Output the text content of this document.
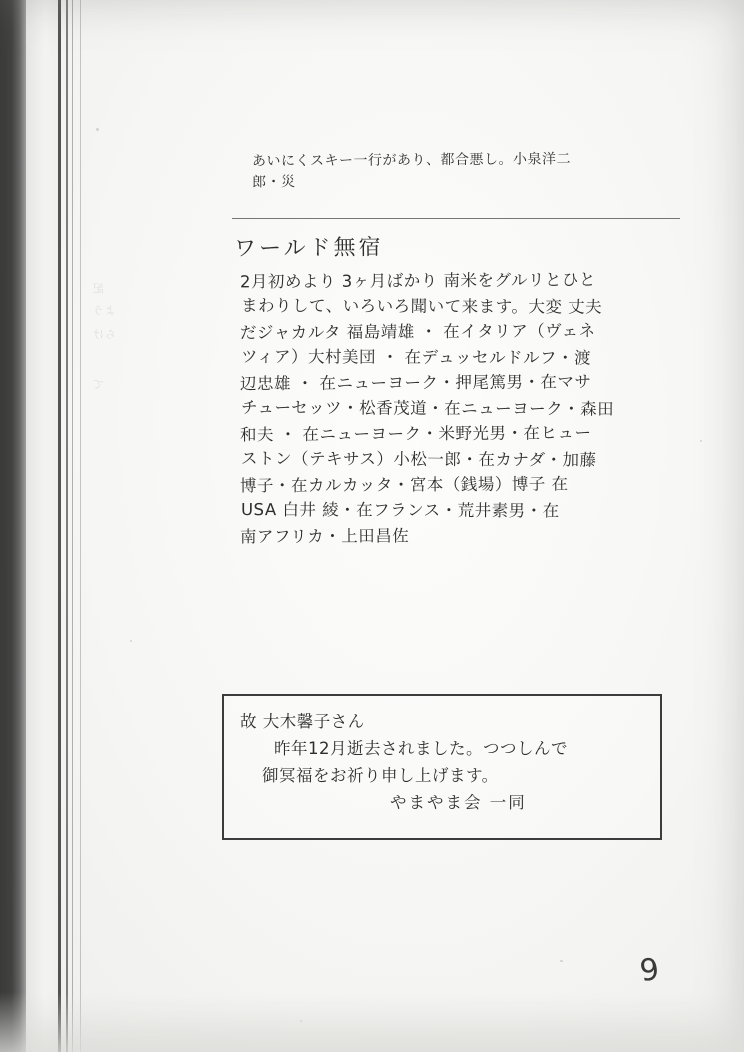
記
よう
らけ
て
あいにくスキー一行があり、都合悪し。小泉洋二
郎・災
ワールド無宿
2月初めより 3ヶ月ばかり 南米をグルリとひと
まわりして、いろいろ聞いて来ます。大変 丈夫
だジャカルタ 福島靖雄 ・ 在イタリア（ヴェネ
ツィア）大村美団 ・ 在デュッセルドルフ・渡
辺忠雄 ・ 在ニューヨーク・押尾篤男・在マサ
チューセッツ・松香茂道・在ニューヨーク・森田
和夫 ・ 在ニューヨーク・米野光男・在ヒュー
ストン（テキサス）小松一郎・在カナダ・加藤
博子・在カルカッタ・宮本（銭場）博子 在
USA 白井 綾・在フランス・荒井素男・在
南アフリカ・上田昌佐
故 大木馨子さん
昨年12月逝去されました。つつしんで
御冥福をお祈り申し上げます。
やまやま会 一同
9
